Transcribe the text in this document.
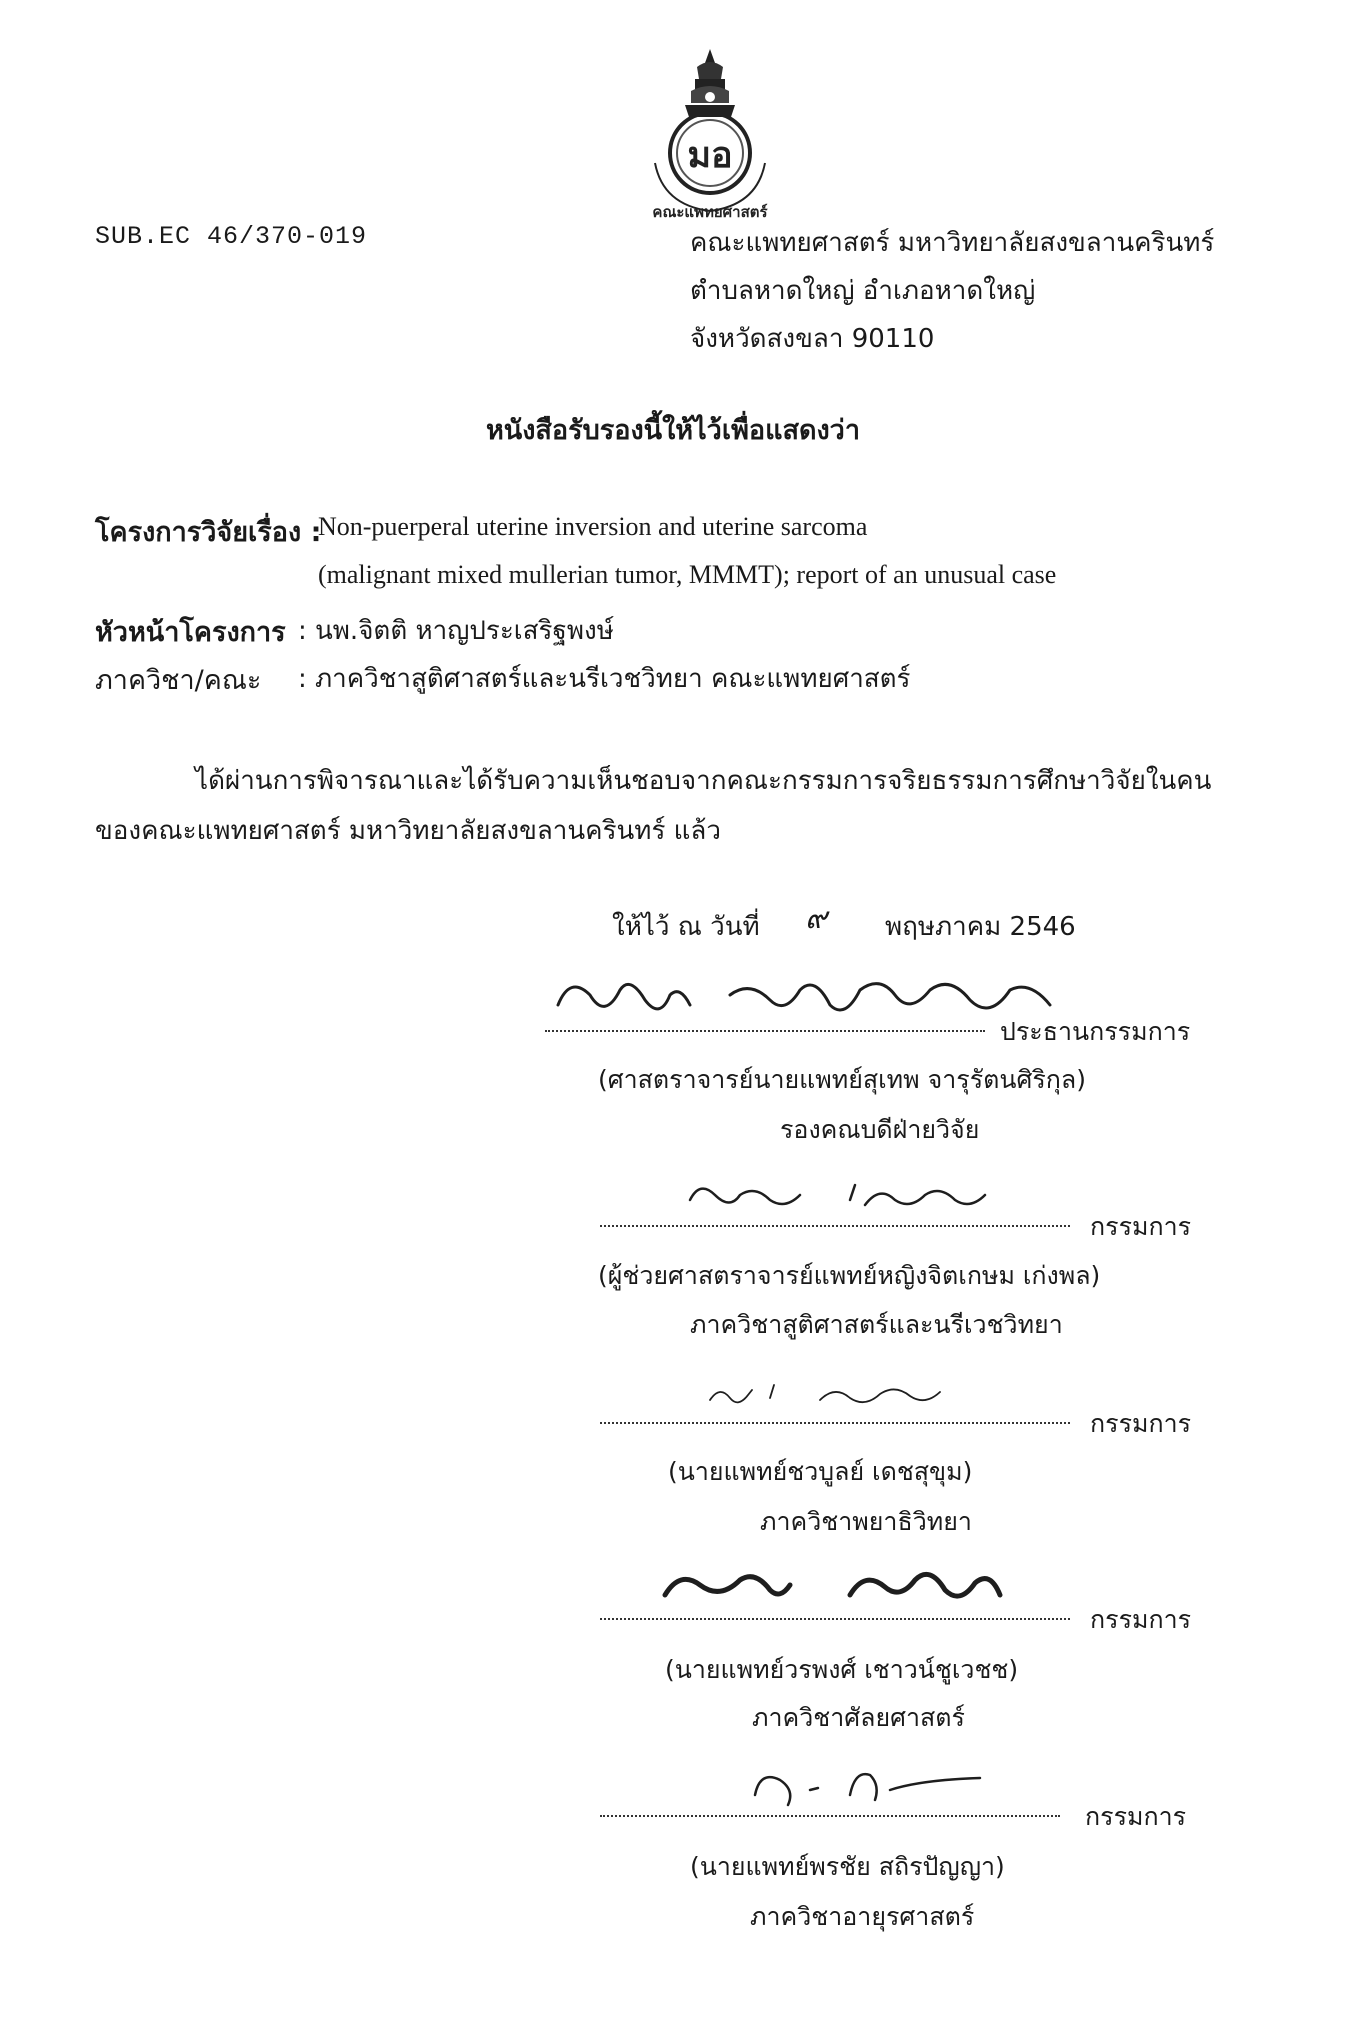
มอ
คณะแพทยศาสตร์
SUB.EC 46/370-019	คณะแพทยศาสตร์ มหาวิทยาลัยสงขลานครินทร์
ตำบลหาดใหญ่ อำเภอหาดใหญ่
จังหวัดสงขลา 90110
หนังสือรับรองนี้ให้ไว้เพื่อแสดงว่า
โครงการวิจัยเรื่อง :
Non-puerperal uterine inversion and uterine sarcoma
(malignant mixed mullerian tumor, MMMT); report of an unusual case
หัวหน้าโครงการ : นพ.จิตติ หาญประเสริฐพงษ์
ภาควิชา/คณะ : ภาควิชาสูติศาสตร์และนรีเวชวิทยา คณะแพทยศาสตร์
ได้ผ่านการพิจารณาและได้รับความเห็นชอบจากคณะกรรมการจริยธรรมการศึกษาวิจัยในคน
ของคณะแพทยศาสตร์ มหาวิทยาลัยสงขลานครินทร์ แล้ว
ให้ไว้ ณ วันที่ ๙ พฤษภาคม 2546
ประธานกรรมการ
(ศาสตราจารย์นายแพทย์สุเทพ จารุรัตนศิริกุล)
รองคณบดีฝ่ายวิจัย
กรรมการ
(ผู้ช่วยศาสตราจารย์แพทย์หญิงจิตเกษม เก่งพล)
ภาควิชาสูติศาสตร์และนรีเวชวิทยา
กรรมการ
(นายแพทย์ชวบูลย์ เดชสุขุม)
ภาควิชาพยาธิวิทยา
กรรมการ
(นายแพทย์วรพงศ์ เชาวน์ชูเวชช)
ภาควิชาศัลยศาสตร์
กรรมการ
(นายแพทย์พรชัย สถิรปัญญา)
ภาควิชาอายุรศาสตร์
